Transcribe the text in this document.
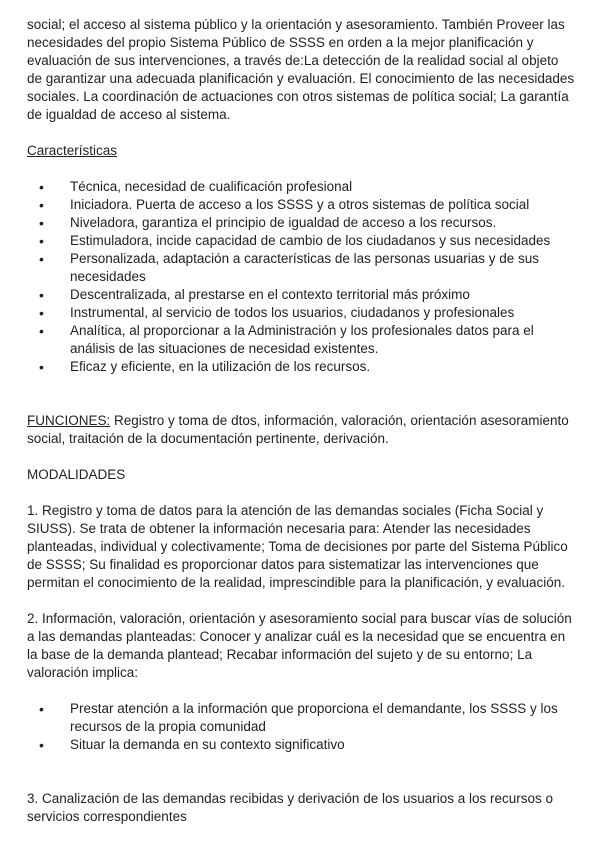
social; el acceso al sistema público y la orientación y asesoramiento. También Proveer las necesidades del propio Sistema Público de SSSS en orden a la mejor planificación y evaluación de sus intervenciones, a través de:La detección de la realidad social al objeto de garantizar una adecuada planificación y evaluación. El conocimiento de las necesidades sociales. La coordinación de actuaciones con otros sistemas de política social; La garantía de igualdad de acceso al sistema.

Características

• Técnica, necesidad de cualificación profesional
• Iniciadora. Puerta de acceso a los SSSS y a otros sistemas de política social
• Niveladora, garantiza el principio de igualdad de acceso a los recursos.
• Estimuladora, incide capacidad de cambio de los ciudadanos y sus necesidades
• Personalizada, adaptación a características de las personas usuarias y de sus necesidades
• Descentralizada, al prestarse en el contexto territorial más próximo
• Instrumental, al servicio de todos los usuarios, ciudadanos y profesionales
• Analítica, al proporcionar a la Administración y los profesionales datos para el análisis de las situaciones de necesidad existentes.
• Eficaz y eficiente, en la utilización de los recursos.

FUNCIONES: Registro y toma de dtos, información, valoración, orientación asesoramiento social, traitación de la documentación pertinente, derivación.

MODALIDADES

1. Registro y toma de datos para la atención de las demandas sociales (Ficha Social y SIUSS). Se trata de obtener la información necesaria para: Atender las necesidades planteadas, individual y colectivamente; Toma de decisiones por parte del Sistema Público de SSSS; Su finalidad es proporcionar datos para sistematizar las intervenciones que permitan el conocimiento de la realidad, imprescindible para la planificación, y evaluación.

2. Información, valoración, orientación y asesoramiento social para buscar vías de solución a las demandas planteadas: Conocer y analizar cuál es la necesidad que se encuentra en la base de la demanda plantead; Recabar información del sujeto y de su entorno; La valoración implica:

• Prestar atención a la información que proporciona el demandante, los SSSS y los recursos de la propia comunidad
• Situar la demanda en su contexto significativo

3. Canalización de las demandas recibidas y derivación de los usuarios a los recursos o servicios correspondientes
